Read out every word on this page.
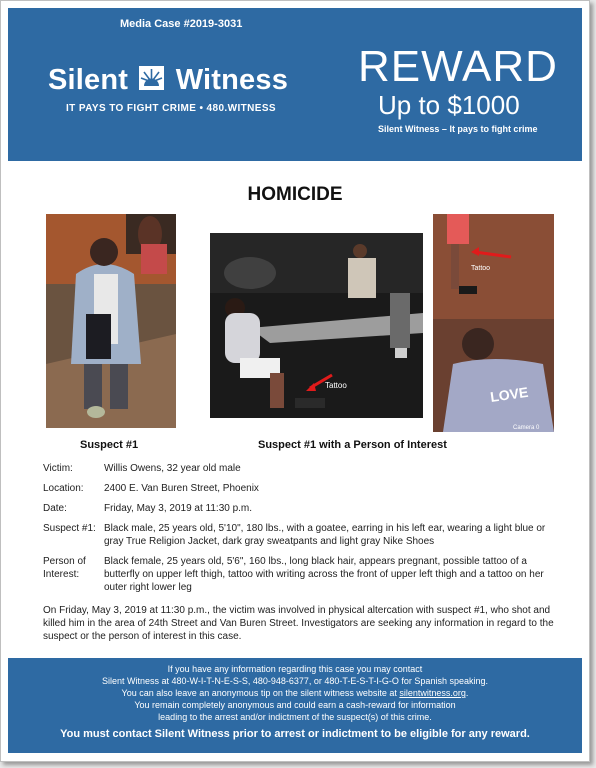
Media Case #2019-3031
Silent Witness
IT PAYS TO FIGHT CRIME • 480.WITNESS
REWARD
Up to $1000
Silent Witness – It pays to fight crime
HOMICIDE
Tattoo
Tattoo
LOVE
Camera 0
Suspect #1	Suspect #1 with a Person of Interest
Victim:	Willis Owens, 32 year old male
Location:	2400 E. Van Buren Street, Phoenix
Date:	Friday, May 3, 2019 at 11:30 p.m.
Suspect #1: Black male, 25 years old, 5'10", 180 lbs., with a goatee, earring in his left ear, wearing a light blue or gray True Religion Jacket, dark gray sweatpants and light gray Nike Shoes
Person of Interest:
Black female, 25 years old, 5'6", 160 lbs., long black hair, appears pregnant, possible tattoo of a butterfly on upper left thigh, tattoo with writing across the front of upper left thigh and a tattoo on her outer right lower leg
On Friday, May 3, 2019 at 11:30 p.m., the victim was involved in physical altercation with suspect #1, who shot and killed him in the area of 24th Street and Van Buren Street. Investigators are seeking any information in regard to the suspect or the person of interest in this case.
If you have any information regarding this case you may contact
Silent Witness at 480-W-I-T-N-E-S-S, 480-948-6377, or 480-T-E-S-T-I-G-O for Spanish speaking.
You can also leave an anonymous tip on the silent witness website at silentwitness.org.
You remain completely anonymous and could earn a cash-reward for information
leading to the arrest and/or indictment of the suspect(s) of this crime.
You must contact Silent Witness prior to arrest or indictment to be eligible for any reward.
